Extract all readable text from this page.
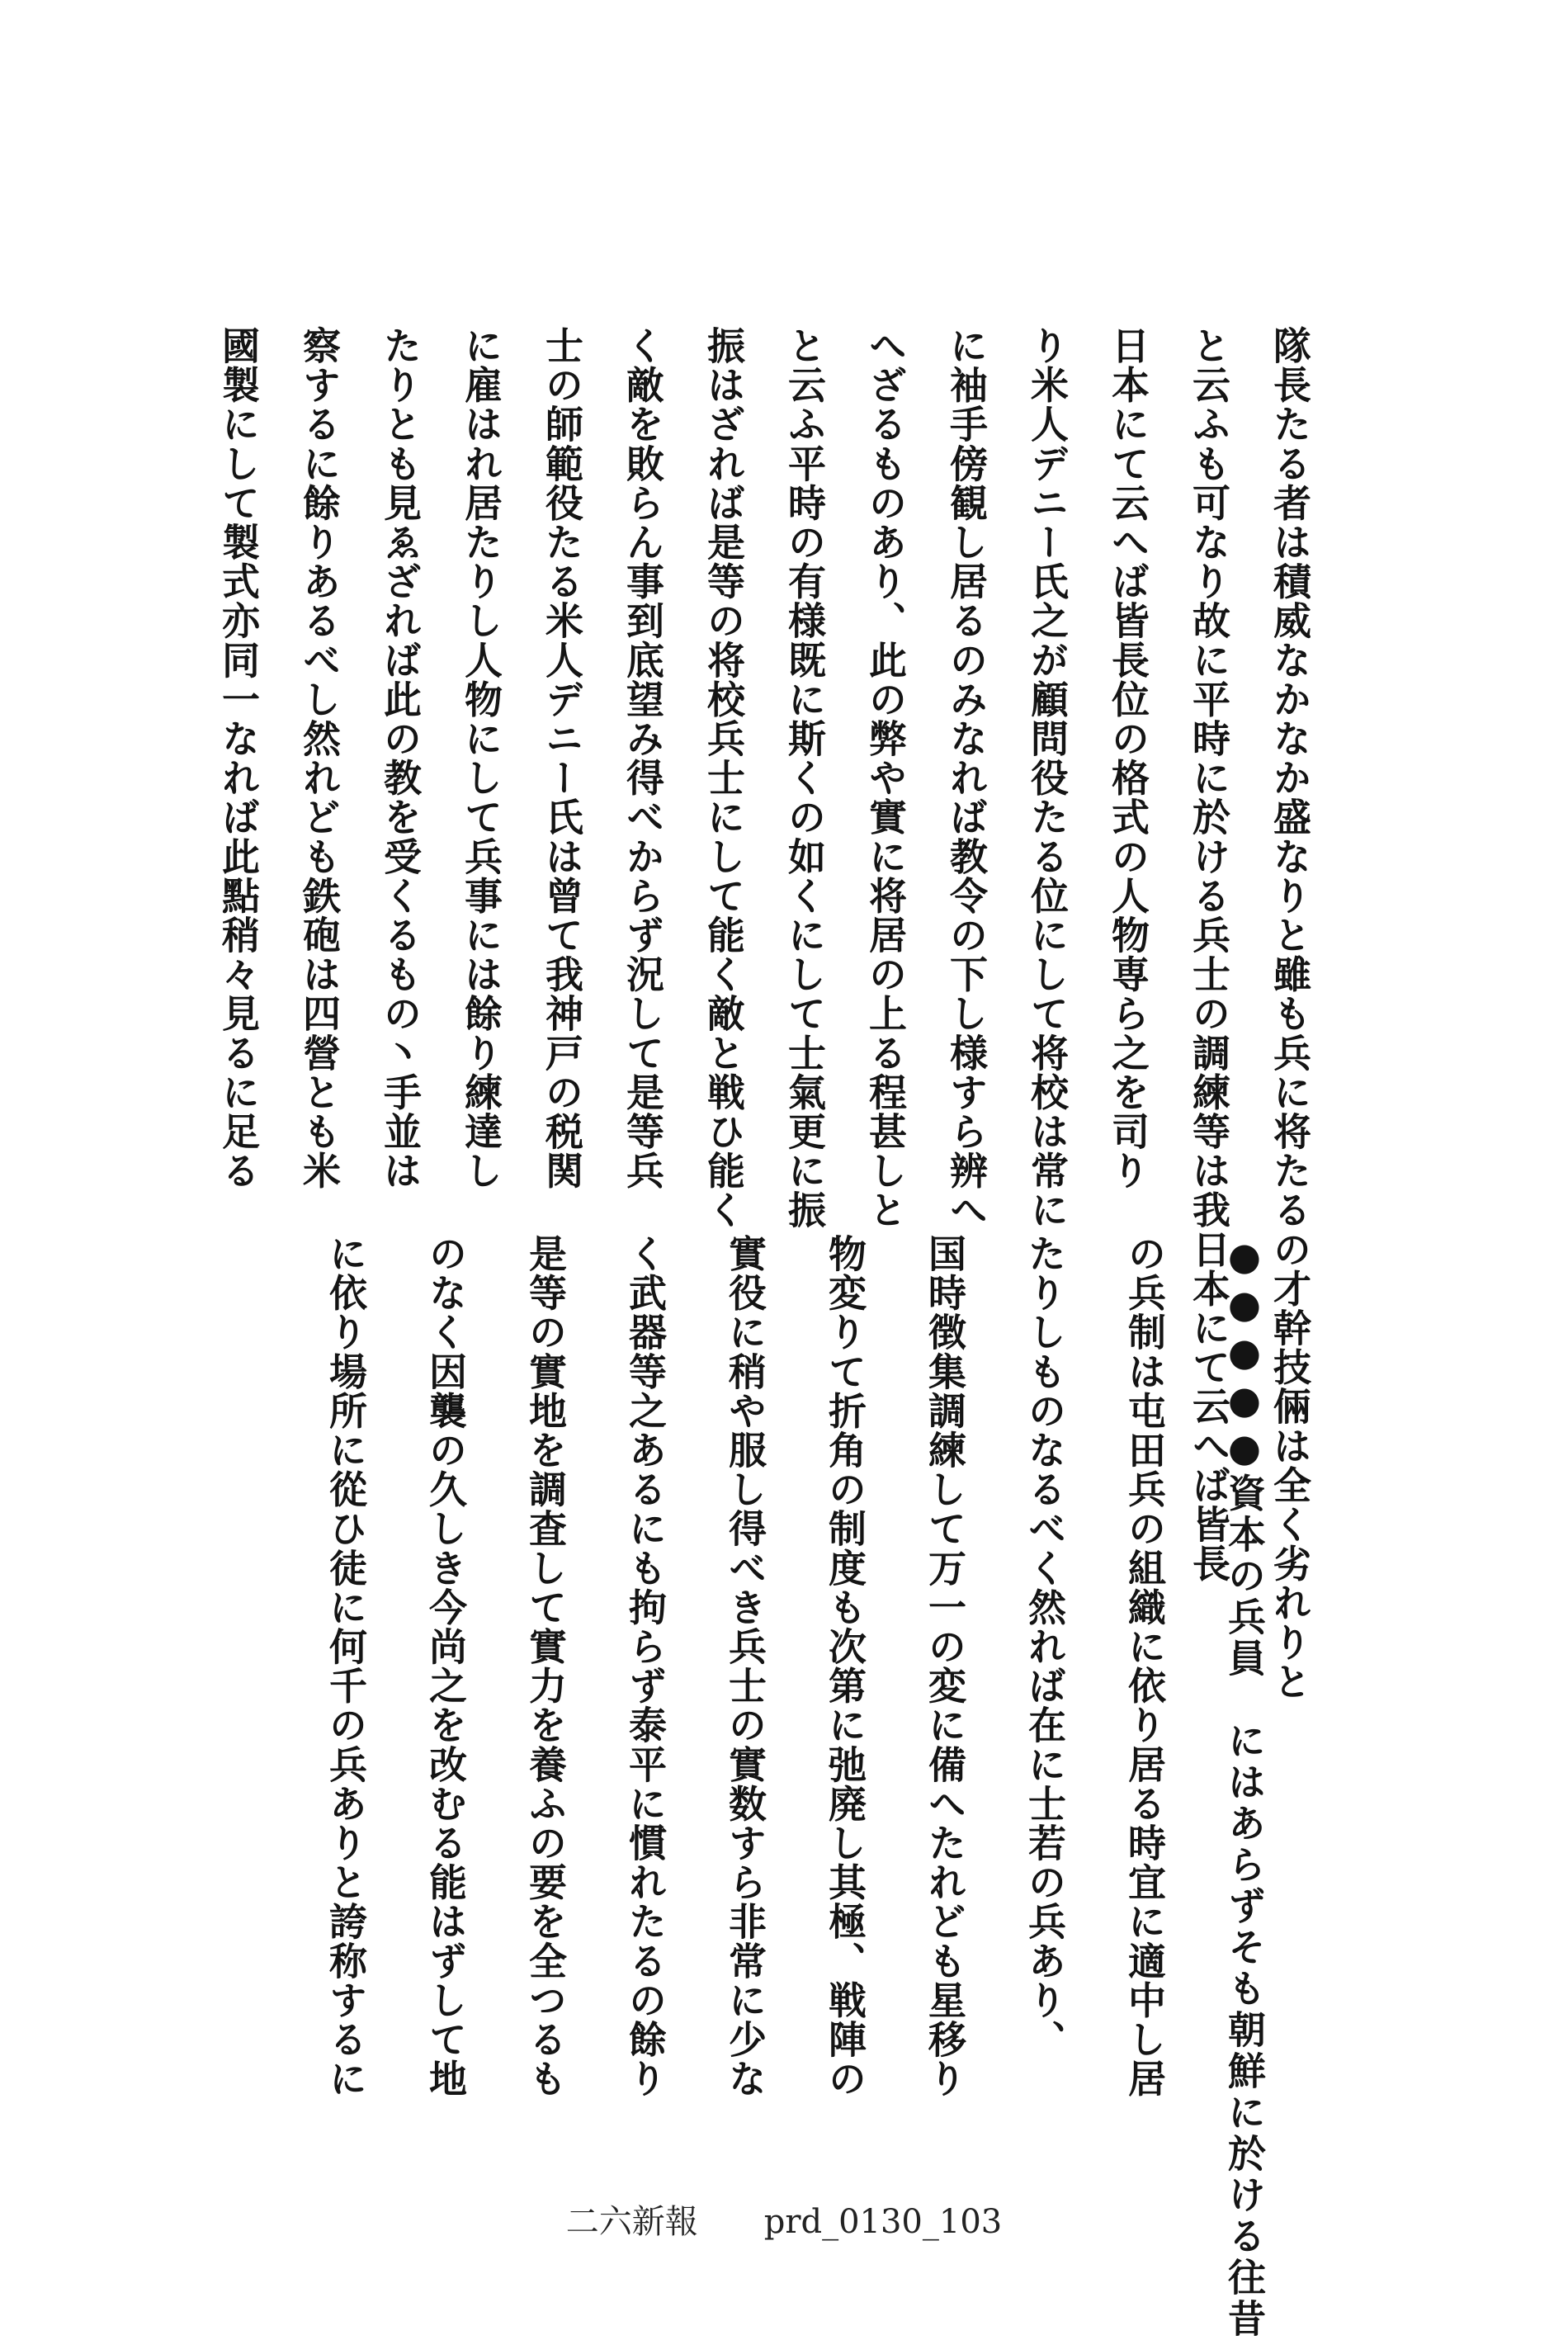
隊長たる者は積威なかなか盛なりと雖も兵に将たるの才幹技倆は全く劣れりと
と云ふも可なり故に平時に於ける兵士の調練等は我日本にて云へば皆長
日本にて云へば皆長位の格式の人物専ら之を司り
り米人デニー氏之が顧問役たる位にして将校は常に
に袖手傍観し居るのみなれば教令の下し様すら辨へ
へざるものあり、此の弊や實に将居の上る程甚しと
と云ふ平時の有様既に斯くの如くにして士氣更に振
振はざれば是等の将校兵士にして能く敵と戦ひ能く
く敵を敗らん事到底望み得べからず況して是等兵
士の師範役たる米人デニー氏は曾て我神戸の税関
に雇はれ居たりし人物にして兵事には餘り練達し
たりとも見ゑざれば此の教を受くるもの丶手並は
察するに餘りあるべし然れども鉄砲は四營とも米
國製にして製式亦同一なれば此點稍々見るに足る
●●●●●資本の兵員　にはあらずそも朝鮮に於ける往昔
の兵制は屯田兵の組織に依り居る時宜に適中し居
たりしものなるべく然れば在に士若の兵あり、
国時徴集調練して万一の変に備へたれども星移り
物変りて折角の制度も次第に弛廃し其極、戦陣の
實役に稍や服し得べき兵士の實数すら非常に少な
く武器等之あるにも拘らず泰平に慣れたるの餘り
是等の實地を調査して實力を養ふの要を全つるも
のなく因襲の久しき今尚之を改むる能はずして地
に依り場所に從ひ徒に何千の兵ありと誇称するに
二六新報 prd_0130_103
